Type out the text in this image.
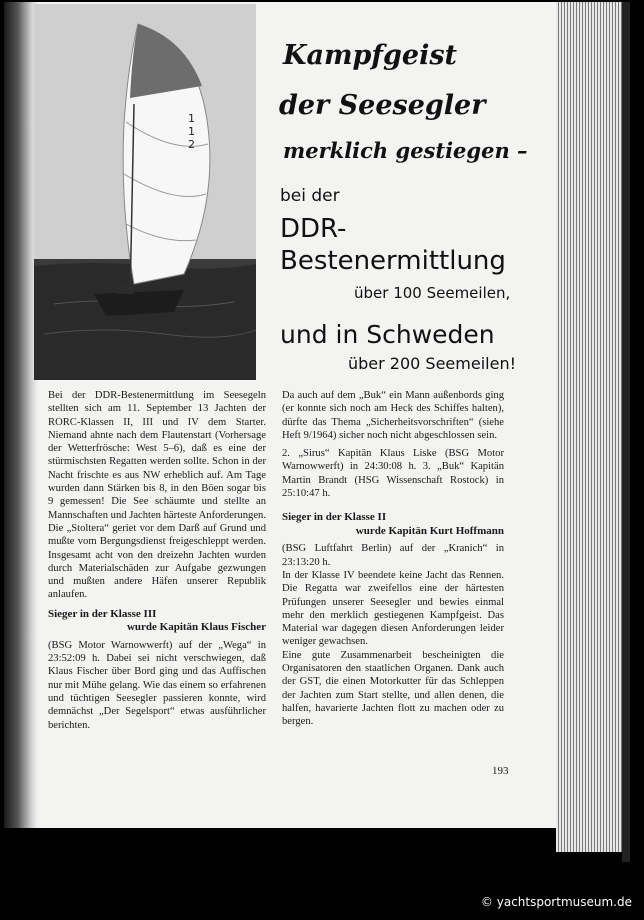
11 2
Kampfgeist
der Seesegler
merklich gestiegen –
bei der
DDR-
Bestenermittlung
über 100 Seemeilen,
und in Schweden
über 200 Seemeilen!

Bei der DDR-Bestenermittlung im Seesegeln stellten sich am 11. September 13 Jachten der RORC-Klassen II, III und IV dem Starter. Niemand ahnte nach dem Flautenstart (Vorhersage der Wetterfrösche: West 5–6), daß es eine der stürmischsten Regatten werden sollte. Schon in der Nacht frischte es aus NW erheblich auf. Am Tage wurden dann Stärken bis 8, in den Böen sogar bis 9 gemessen! Die See schäumte und stellte an Mannschaften und Jachten härteste Anforderungen. Die „Stoltera“ geriet vor dem Darß auf Grund und mußte vom Bergungsdienst freigeschleppt werden. Insgesamt acht von den dreizehn Jachten wurden durch Materialschäden zur Aufgabe gezwungen und mußten andere Häfen unserer Republik anlaufen.

Sieger in der Klasse III
wurde Kapitän Klaus Fischer

(BSG Motor Warnowwerft) auf der „Wega“ in 23:52:09 h. Dabei sei nicht verschwiegen, daß Klaus Fischer über Bord ging und das Auffischen nur mit Mühe gelang. Wie das einem so erfahrenen und tüchtigen Seesegler passieren konnte, wird demnächst „Der Segelsport“ etwas ausführlicher berichten.

Da auch auf dem „Buk“ ein Mann außenbords ging (er konnte sich noch am Heck des Schiffes halten), dürfte das Thema „Sicherheitsvorschriften“ (siehe Heft 9/1964) sicher noch nicht abgeschlossen sein.

2. „Sirus“ Kapitän Klaus Liske (BSG Motor Warnowwerft) in 24:30:08 h. 3. „Buk“ Kapitän Martin Brandt (HSG Wissenschaft Rostock) in 25:10:47 h.

Sieger in der Klasse II
wurde Kapitän Kurt Hoffmann

(BSG Luftfahrt Berlin) auf der „Kranich“ in 23:13:20 h.

In der Klasse IV beendete keine Jacht das Rennen. Die Regatta war zweifellos eine der härtesten Prüfungen unserer Seesegler und bewies einmal mehr den merklich gestiegenen Kampfgeist. Das Material war dagegen diesen Anforderungen leider weniger gewachsen.

Eine gute Zusammenarbeit bescheinigten die Organisatoren den staatlichen Organen. Dank auch der GST, die einen Motorkutter für das Schleppen der Jachten zum Start stellte, und allen denen, die halfen, havarierte Jachten flott zu machen oder zu bergen.

193
© yachtsportmuseum.de
